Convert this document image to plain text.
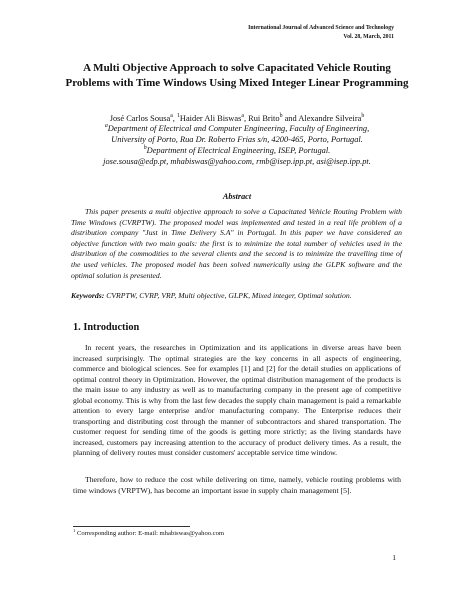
International Journal of Advanced Science and Technology
Vol. 28, March, 2011
A Multi Objective Approach to solve Capacitated Vehicle Routing Problems with Time Windows Using Mixed Integer Linear Programming
José Carlos Sousa$^a$, $^1$Haider Ali Biswas$^a$, Rui Brito$^b$ and Alexandre Silveira$^b$
$^a$Department of Electrical and Computer Engineering, Faculty of Engineering,
University of Porto, Rua Dr. Roberto Frias s/n, 4200-465, Porto, Portugal.
$^b$Department of Electrical Engineering, ISEP, Portugal.
jose.sousa@edp.pt, mhabiswas@yahoo.com, rmb@isep.ipp.pt, asi@isep.ipp.pt.
Abstract

This paper presents a multi objective approach to solve a Capacitated Vehicle Routing Problem with Time Windows (CVRPTW). The proposed model was implemented and tested in a real life problem of a distribution company "Just in Time Delivery S.A" in Portugal. In this paper we have considered an objective function with two main goals: the first is to minimize the total number of vehicles used in the distribution of the commodities to the several clients and the second is to minimize the travelling time of the used vehicles. The proposed model has been solved numerically using the GLPK software and the optimal solution is presented.

Keywords: CVRPTW, CVRP, VRP, Multi objective, GLPK, Mixed integer, Optimal solution.

1. Introduction

In recent years, the researches in Optimization and its applications in diverse areas have been increased surprisingly. The optimal strategies are the key concerns in all aspects of engineering, commerce and biological sciences. See for examples [1] and [2] for the detail studies on applications of optimal control theory in Optimization. However, the optimal distribution management of the products is the main issue to any industry as well as to manufacturing company in the present age of competitive global economy. This is why from the last few decades the supply chain management is paid a remarkable attention to every large enterprise and/or manufacturing company. The Enterprise reduces their transporting and distributing cost through the manner of subcontractors and shared transportation. The customer request for sending time of the goods is getting more strictly; as the living standards have increased, customers pay increasing attention to the accuracy of product delivery times. As a result, the planning of delivery routes must consider customers' acceptable service time window.

Therefore, how to reduce the cost while delivering on time, namely, vehicle routing problems with time windows (VRPTW), has become an important issue in supply chain management [5].

$^1$ Corresponding author: E-mail: mhabiswas@yahoo.com
1
